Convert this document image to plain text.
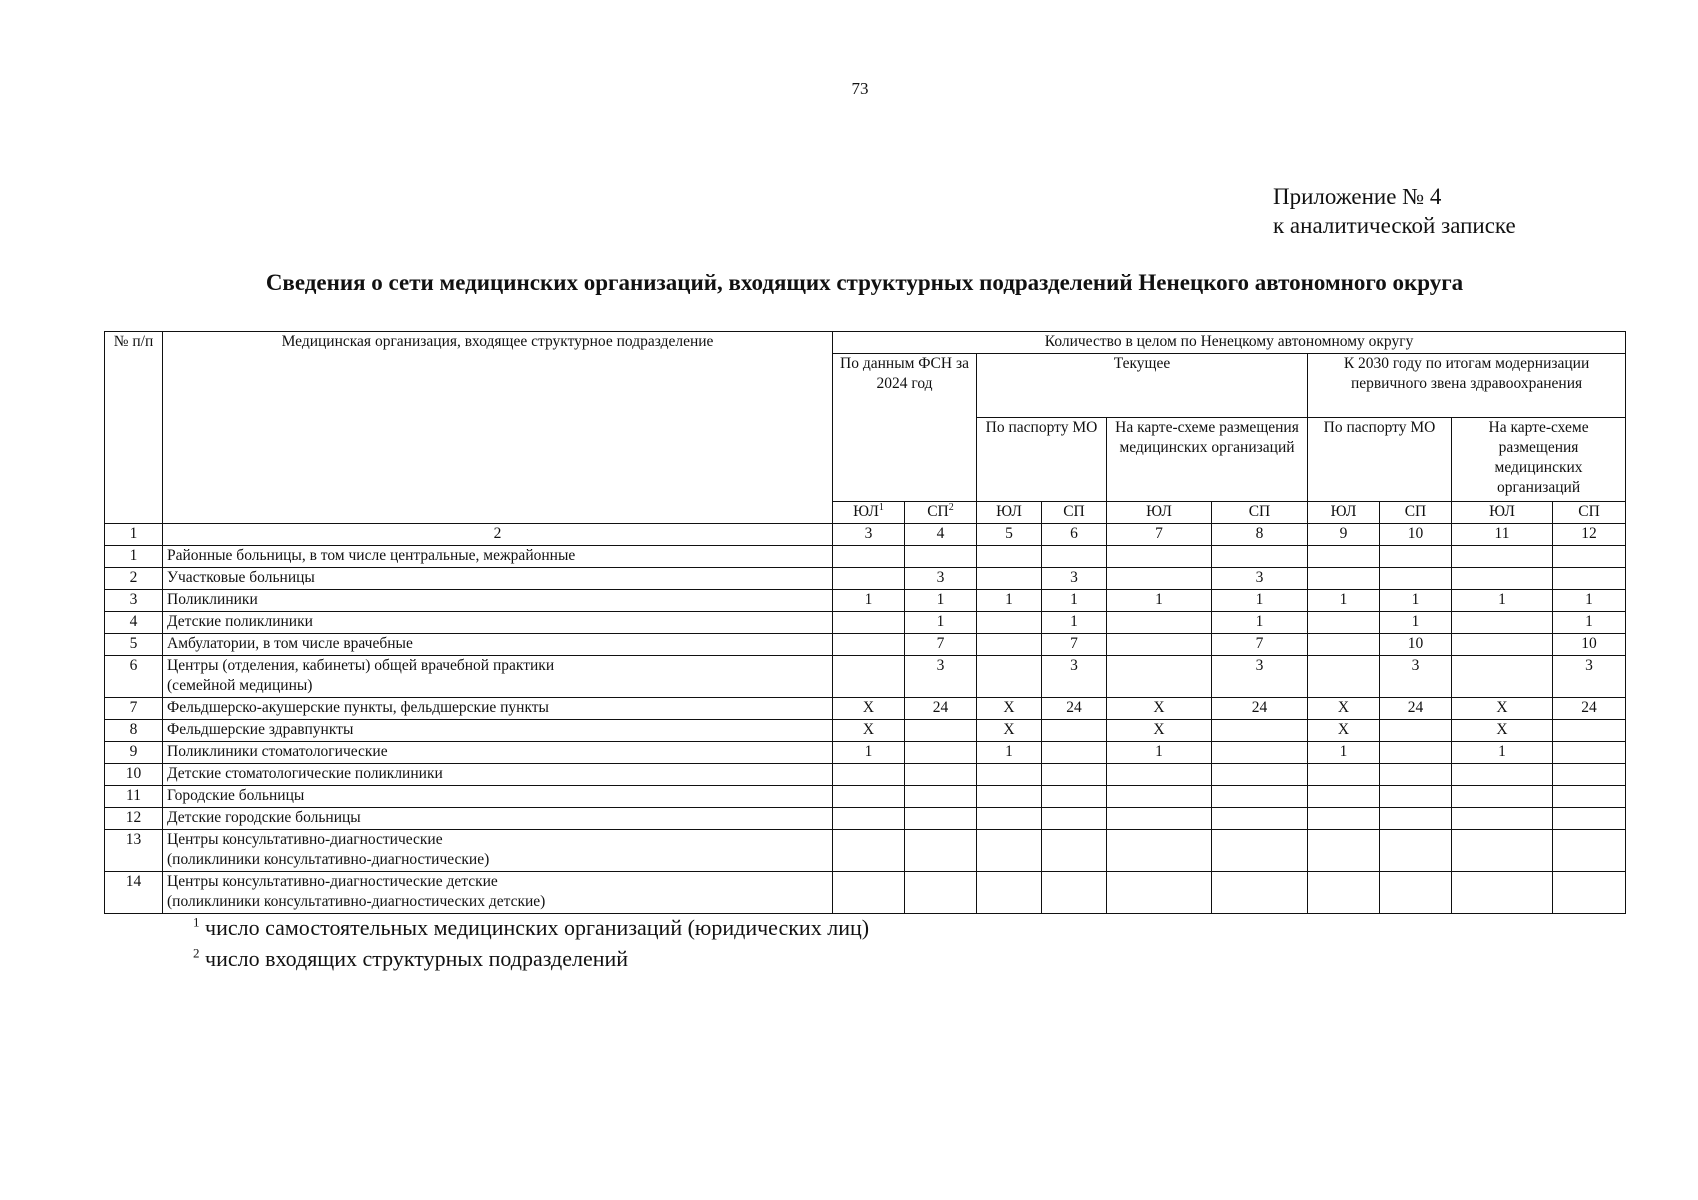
73
Приложение № 4
к аналитической записке
Сведения о сети медицинских организаций, входящих структурных подразделений Ненецкого автономного округа
№ п/п	Медицинская организация, входящее структурное подразделение	Количество в целом по Ненецкому автономному округу									
		По данным ФСН за 2024 год		Текущее				К 2030 году по итогам модернизации первичного звена здравоохранения			
				По паспорту МО		На карте-схеме размещения медицинских организаций		По паспорту МО		На карте-схеме размещения медицинских организаций	
		$ЮЛ^1$	$СП^2$	ЮЛ	СП	ЮЛ	СП	ЮЛ	СП	ЮЛ	СП
1	2	3	4	5	6	7	8	9	10	11	12
1	Районные больницы, в том числе центральные, межрайонные										

2	Участковые больницы		3		3		3				
3	Поликлиники	1	1	1	1	1	1	1	1	1	1
4	Детские поликлиники		1		1		1		1		1
5	Амбулатории, в том числе врачебные		7		7		7		10		10
6	Центры (отделения, кабинеты) общей врачебной практики
(семейной медицины)		3		3		3		3		3
7	Фельдшерско-акушерские пункты, фельдшерские пункты	X	24	X	24	X	24	X	24	X	24
8	Фельдшерские здравпункты	X		X		X		X		X	
9	Поликлиники стоматологические	1		1		1		1		1	
10	Детские стоматологические поликлиники										

11	Городские больницы										

12	Детские городские больницы										

13	Центры консультативно-диагностические
(поликлиники консультативно-диагностические)										

14	Центры консультативно-диагностические детские
(поликлиники консультативно-диагностических детские)										

$^1$ число самостоятельных медицинских организаций (юридических лиц)
$^2$ число входящих структурных подразделений
